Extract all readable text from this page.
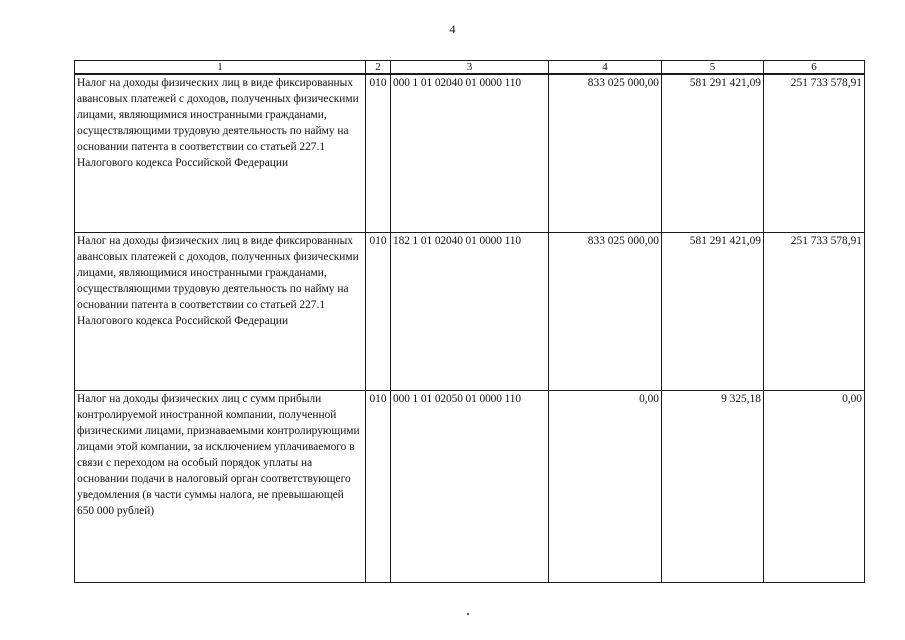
4
1	2	3	4	5	6
Налог на доходы физических лиц в виде фиксированных авансовых платежей с доходов, полученных физическими лицами, являющимися иностранными гражданами, осуществляющими трудовую деятельность по найму на основании патента в соответствии со статьей 227.1 Налогового кодекса Российской Федерации	010	000 1 01 02040 01 0000 110	833 025 000,00	581 291 421,09	251 733 578,91
Налог на доходы физических лиц в виде фиксированных авансовых платежей с доходов, полученных физическими лицами, являющимися иностранными гражданами, осуществляющими трудовую деятельность по найму на основании патента в соответствии со статьей 227.1 Налогового кодекса Российской Федерации	010	182 1 01 02040 01 0000 110	833 025 000,00	581 291 421,09	251 733 578,91
Налог на доходы физических лиц с сумм прибыли контролируемой иностранной компании, полученной физическими лицами, признаваемыми контролирующими лицами этой компании, за исключением уплачиваемого в связи с переходом на особый порядок уплаты на основании подачи в налоговый орган соответствующего уведомления (в части суммы налога, не превышающей 650 000 рублей)	010	000 1 01 02050 01 0000 110	0,00	9 325,18	0,00
